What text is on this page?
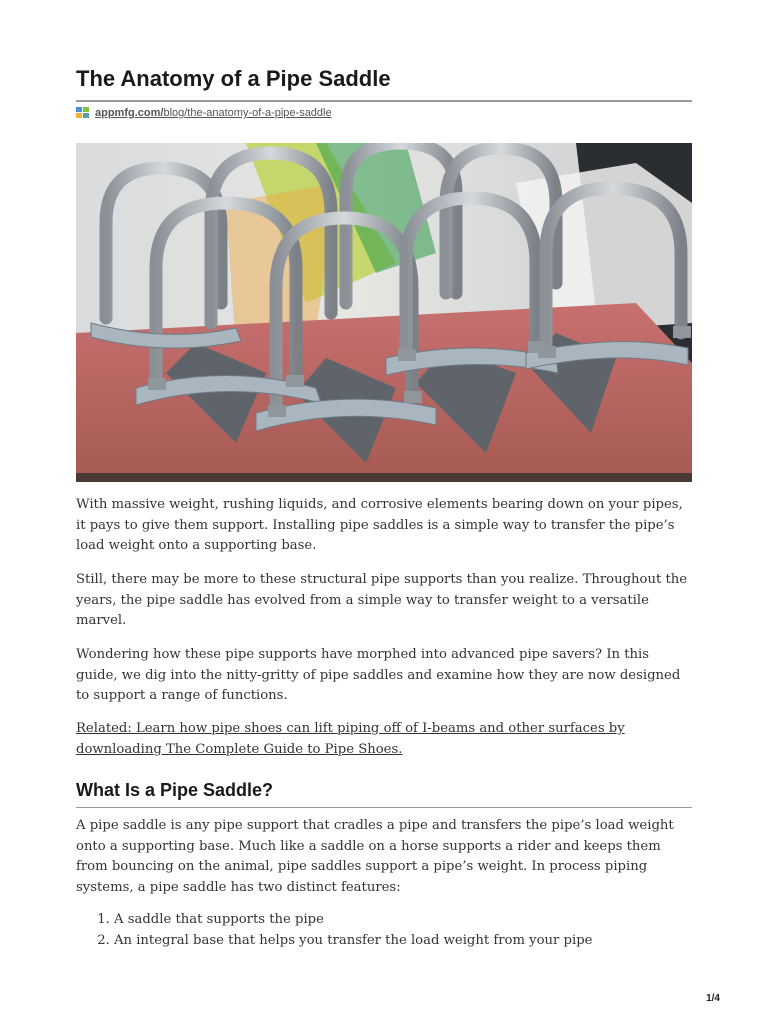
The Anatomy of a Pipe Saddle
appmfg.com/blog/the-anatomy-of-a-pipe-saddle

With massive weight, rushing liquids, and corrosive elements bearing down on your pipes, it pays to give them support. Installing pipe saddles is a simple way to transfer the pipe’s load weight onto a supporting base.

Still, there may be more to these structural pipe supports than you realize. Throughout the years, the pipe saddle has evolved from a simple way to transfer weight to a versatile marvel.

Wondering how these pipe supports have morphed into advanced pipe savers? In this guide, we dig into the nitty-gritty of pipe saddles and examine how they are now designed to support a range of functions.

Related: Learn how pipe shoes can lift piping off of I-beams and other surfaces by downloading The Complete Guide to Pipe Shoes.

What Is a Pipe Saddle?

A pipe saddle is any pipe support that cradles a pipe and transfers the pipe’s load weight onto a supporting base. Much like a saddle on a horse supports a rider and keeps them from bouncing on the animal, pipe saddles support a pipe’s weight. In process piping systems, a pipe saddle has two distinct features:

1. A saddle that supports the pipe
2. An integral base that helps you transfer the load weight from your pipe
1/4
